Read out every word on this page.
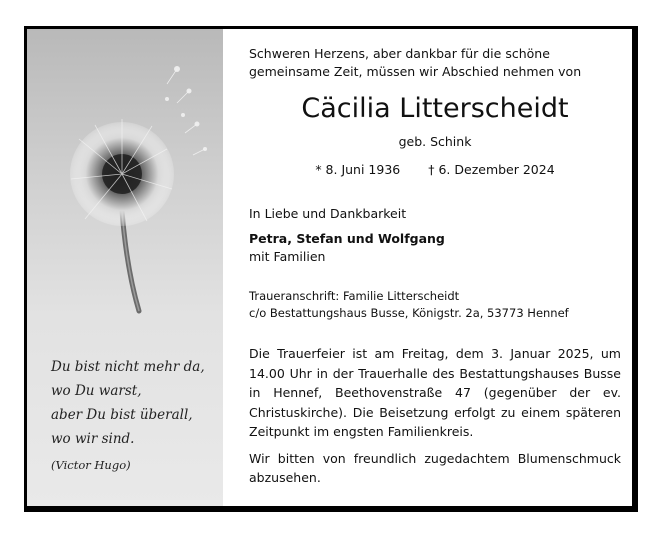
Du bist nicht mehr da,
wo Du warst,
aber Du bist überall,
wo wir sind.
(Victor Hugo)
Schweren Herzens, aber dankbar für die schöne
gemeinsame Zeit, müssen wir Abschied nehmen von
Cäcilia Litterscheidt
geb. Schink
* 8. Juni 1936 † 6. Dezember 2024
In Liebe und Dankbarkeit
Petra, Stefan und Wolfgang
mit Familien
Traueranschrift: Familie Litterscheidt
c/o Bestattungshaus Busse, Königstr. 2a, 53773 Hennef
Die Trauerfeier ist am Freitag, dem 3. Januar 2025, um 14.00 Uhr in der Trauerhalle des Bestattungshauses Busse in Hennef, Beethovenstraße 47 (gegenüber der ev. Christuskirche). Die Beisetzung erfolgt zu einem späteren Zeitpunkt im engsten Familienkreis.
Wir bitten von freundlich zugedachtem Blumenschmuck abzusehen.
